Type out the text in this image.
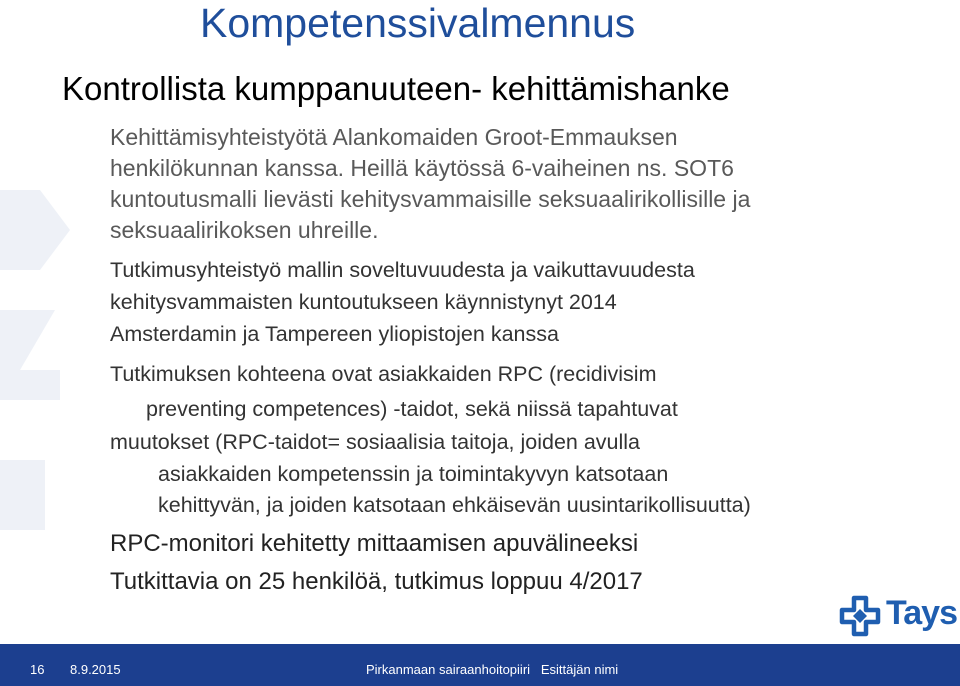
Kompetenssivalmennus
Kontrollista kumppanuuteen- kehittämishanke

Kehittämisyhteistyötä Alankomaiden Groot-Emmauksen

henkilökunnan kanssa. Heillä käytössä 6-vaiheinen ns. SOT6

kuntoutusmalli lievästi kehitysvammaisille seksuaalirikollisille ja

seksuaalirikoksen uhreille.

Tutkimusyhteistyö mallin soveltuvuudesta ja vaikuttavuudesta

kehitysvammaisten kuntoutukseen käynnistynyt 2014

Amsterdamin ja Tampereen yliopistojen kanssa

Tutkimuksen kohteena ovat asiakkaiden RPC (recidivisim

preventing competences) -taidot, sekä niissä tapahtuvat

muutokset (RPC-taidot= sosiaalisia taitoja, joiden avulla

asiakkaiden kompetenssin ja toimintakyvyn katsotaan

kehittyvän, ja joiden katsotaan ehkäisevän uusintarikollisuutta)

RPC-monitori kehitetty mittaamisen apuvälineeksi

Tutkittavia on 25 henkilöä, tutkimus loppuu 4/2017

Tays
16 8.9.2015	Pirkanmaan sairaanhoitopiiri   Esittäjän nimi
